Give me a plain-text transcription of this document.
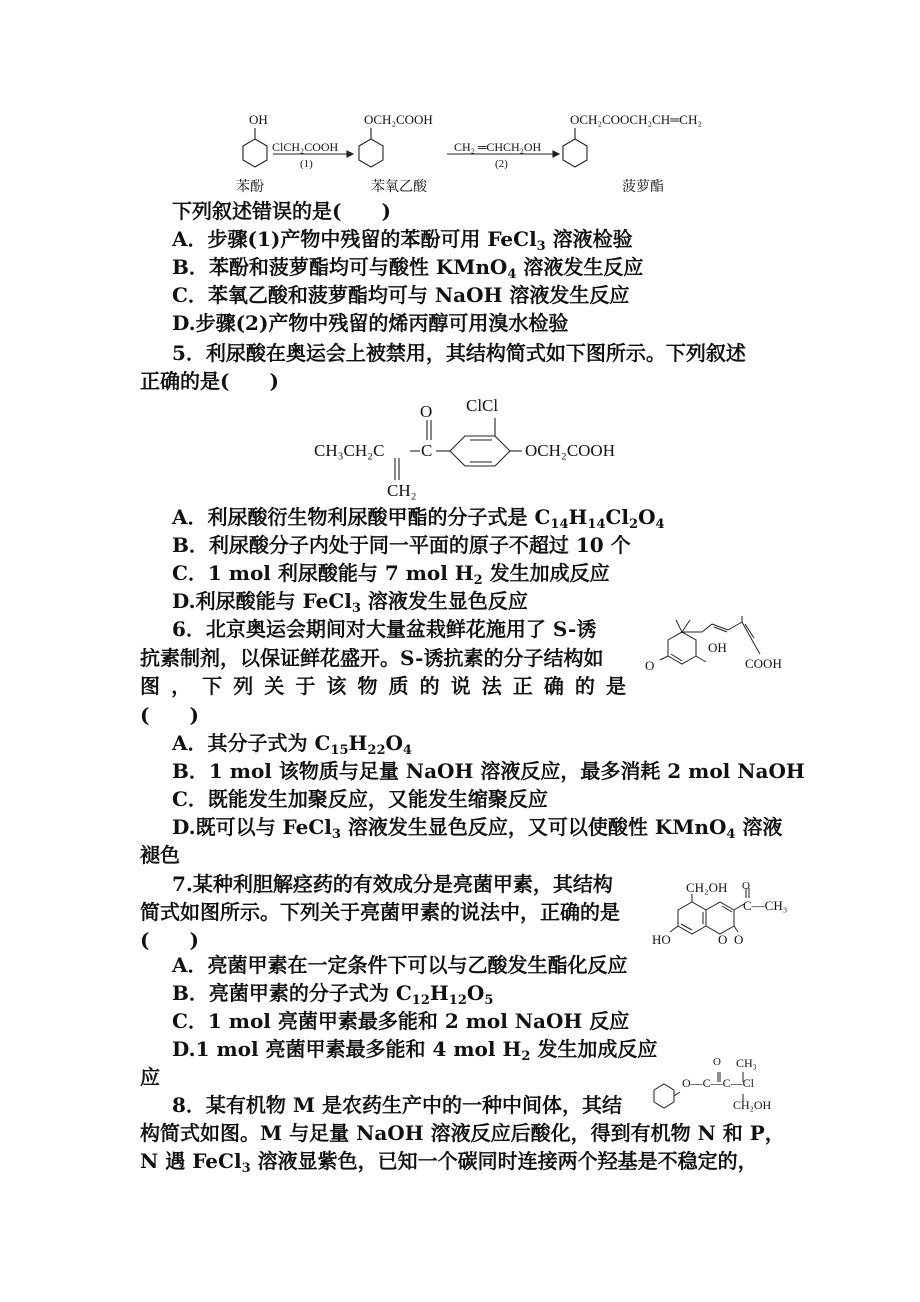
OH
苯酚
ClCH₂COOH
(1)
OCH₂COOH
苯氧乙酸
CH₂ ═CHCH₂OH
(2)
OCH₂COOCH₂CH═CH₂
菠萝酯
下列叙述错误的是(　　)
A．步骤(1)产物中残留的苯酚可用 FeCl$_3$ 溶液检验
B．苯酚和菠萝酯均可与酸性 KMnO$_4$ 溶液发生反应
C．苯氧乙酸和菠萝酯均可与 NaOH 溶液发生反应
D.步骤(2)产物中残留的烯丙醇可用溴水检验
5．利尿酸在奥运会上被禁用，其结构简式如下图所示。下列叙述
正确的是(　　)
O ClCl
CH₃CH₂C C	OCH₂COOH
CH₂
A．利尿酸衍生物利尿酸甲酯的分子式是 $C_{14}H_{14}Cl_2O_4$
B．利尿酸分子内处于同一平面的原子不超过 10 个
C．1 mol 利尿酸能与 7 mol $H_2$ 发生加成反应
D.利尿酸能与 FeCl$_3$ 溶液发生显色反应
6．北京奥运会期间对大量盆栽鲜花施用了 S-诱
抗素制剂，以保证鲜花盛开。S-诱抗素的分子结构如
图，下列关于该物质的说法正确的是
(　　)
OH
O	COOH
A．其分子式为 $C_{15}H_{22}O_4$
B．1 mol 该物质与足量 NaOH 溶液反应，最多消耗 2 mol NaOH
C．既能发生加聚反应，又能发生缩聚反应
D.既可以与 FeCl$_3$ 溶液发生显色反应，又可以使酸性 KMnO$_4$ 溶液
褪色
7.某种利胆解痉药的有效成分是亮菌甲素，其结构
简式如图所示。下列关于亮菌甲素的说法中，正确的是
(　　)
CH₂OH O
C—CH₃
HO	O O
A．亮菌甲素在一定条件下可以与乙酸发生酯化反应
B．亮菌甲素的分子式为 $C_{12}H_{12}O_5$
C．1 mol 亮菌甲素最多能和 2 mol NaOH 反应
D.1 mol 亮菌甲素最多能和 4 mol $H_2$ 发生加成反应
应
8．某有机物 M 是农药生产中的一种中间体，其结
构简式如图。M 与足量 NaOH 溶液反应后酸化，得到有机物 N 和 P，
N 遇 FeCl$_3$ 溶液显紫色，已知一个碳同时连接两个羟基是不稳定的，
O CH₃
O—C—C—Cl
CH₂OH
